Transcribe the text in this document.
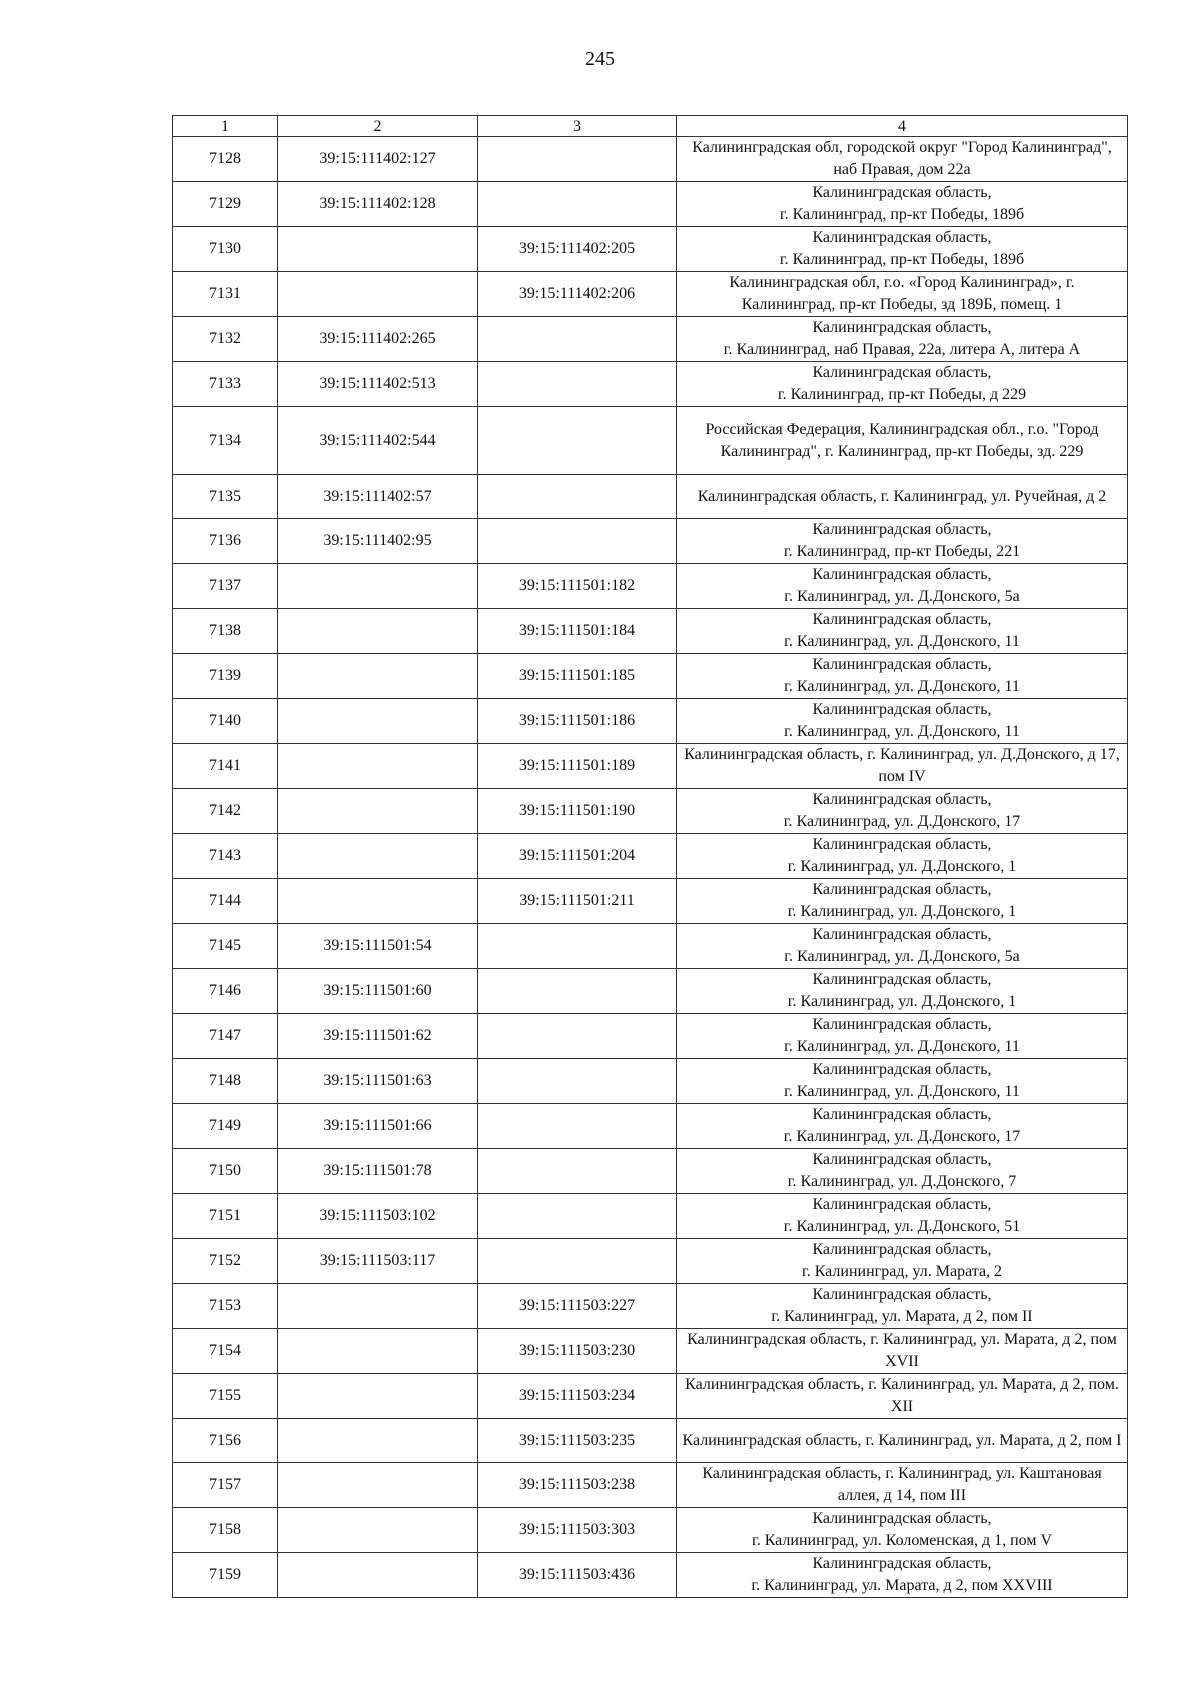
245
1	2	3	4
7128	39:15:111402:127		Калининградская обл, городской округ "Город Калининград", наб Правая, дом 22а
7129	39:15:111402:128		Калининградская область,
г. Калининград, пр-кт Победы, 189б
7130		39:15:111402:205	Калининградская область,
г. Калининград, пр-кт Победы, 189б
7131		39:15:111402:206	Калининградская обл, г.о. «Город Калининград», г. Калининград, пр-кт Победы, зд 189Б, помещ. 1
7132	39:15:111402:265		Калининградская область,
г. Калининград, наб Правая, 22а, литера А, литера А
7133	39:15:111402:513		Калининградская область,
г. Калининград, пр-кт Победы, д 229
7134	39:15:111402:544		Российская Федерация, Калининградская обл., г.о. "Город Калининград", г. Калининград, пр-кт Победы, зд. 229
7135	39:15:111402:57		Калининградская область, г. Калининград, ул. Ручейная, д 2
7136	39:15:111402:95		Калининградская область,
г. Калининград, пр-кт Победы, 221
7137		39:15:111501:182	Калининградская область,
г. Калининград, ул. Д.Донского, 5а
7138		39:15:111501:184	Калининградская область,
г. Калининград, ул. Д.Донского, 11
7139		39:15:111501:185	Калининградская область,
г. Калининград, ул. Д.Донского, 11
7140		39:15:111501:186	Калининградская область,
г. Калининград, ул. Д.Донского, 11
7141		39:15:111501:189	Калининградская область, г. Калининград, ул. Д.Донского, д 17, пом IV
7142		39:15:111501:190	Калининградская область,
г. Калининград, ул. Д.Донского, 17
7143		39:15:111501:204	Калининградская область,
г. Калининград, ул. Д.Донского, 1
7144		39:15:111501:211	Калининградская область,
г. Калининград, ул. Д.Донского, 1
7145	39:15:111501:54		Калининградская область,
г. Калининград, ул. Д.Донского, 5а
7146	39:15:111501:60		Калининградская область,
г. Калининград, ул. Д.Донского, 1
7147	39:15:111501:62		Калининградская область,
г. Калининград, ул. Д.Донского, 11
7148	39:15:111501:63		Калининградская область,
г. Калининград, ул. Д.Донского, 11
7149	39:15:111501:66		Калининградская область,
г. Калининград, ул. Д.Донского, 17
7150	39:15:111501:78		Калининградская область,
г. Калининград, ул. Д.Донского, 7
7151	39:15:111503:102		Калининградская область,
г. Калининград, ул. Д.Донского, 51
7152	39:15:111503:117		Калининградская область,
г. Калининград, ул. Марата, 2
7153		39:15:111503:227	Калининградская область,
г. Калининград, ул. Марата, д 2, пом II
7154		39:15:111503:230	Калининградская область, г. Калининград, ул. Марата, д 2, пом XVII
7155		39:15:111503:234	Калининградская область, г. Калининград, ул. Марата, д 2, пом. XII
7156		39:15:111503:235	Калининградская область, г. Калининград, ул. Марата, д 2, пом I
7157		39:15:111503:238	Калининградская область, г. Калининград, ул. Каштановая аллея, д 14, пом III
7158		39:15:111503:303	Калининградская область,
г. Калининград, ул. Коломенская, д 1, пом V
7159		39:15:111503:436	Калининградская область,
г. Калининград, ул. Марата, д 2, пом XXVIII
